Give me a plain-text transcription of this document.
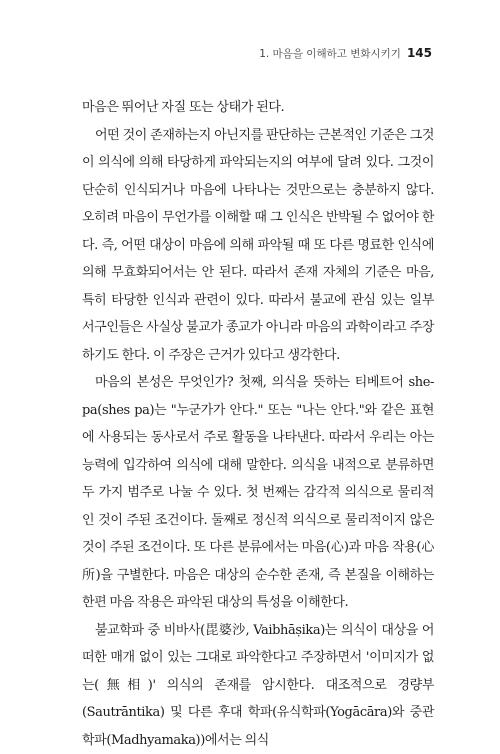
1. 마음을 이해하고 변화시키기 145

마음은 뛰어난 자질 또는 상태가 된다.

어떤 것이 존재하는지 아닌지를 판단하는 근본적인 기준은 그것이 의식에 의해 타당하게 파악되는지의 여부에 달려 있다. 그것이 단순히 인식되거나 마음에 나타나는 것만으로는 충분하지 않다. 오히려 마음이 무언가를 이해할 때 그 인식은 반박될 수 없어야 한다. 즉, 어떤 대상이 마음에 의해 파악될 때 또 다른 명료한 인식에 의해 무효화되어서는 안 된다. 따라서 존재 자체의 기준은 마음, 특히 타당한 인식과 관련이 있다. 따라서 불교에 관심 있는 일부 서구인들은 사실상 불교가 종교가 아니라 마음의 과학이라고 주장하기도 한다. 이 주장은 근거가 있다고 생각한다.

마음의 본성은 무엇인가? 첫째, 의식을 뜻하는 티베트어 she-pa(shes pa)는 "누군가가 안다." 또는 "나는 안다."와 같은 표현에 사용되는 동사로서 주로 활동을 나타낸다. 따라서 우리는 아는 능력에 입각하여 의식에 대해 말한다. 의식을 내적으로 분류하면 두 가지 범주로 나눌 수 있다. 첫 번째는 감각적 의식으로 물리적인 것이 주된 조건이다. 둘째로 정신적 의식으로 물리적이지 않은 것이 주된 조건이다. 또 다른 분류에서는 마음(心)과 마음 작용(心所)을 구별한다. 마음은 대상의 순수한 존재, 즉 본질을 이해하는 한편 마음 작용은 파악된 대상의 특성을 이해한다.

불교학파 중 비바사(毘婆沙, Vaibhāṣika)는 의식이 대상을 어떠한 매개 없이 있는 그대로 파악한다고 주장하면서 '이미지가 없는(無相)' 의식의 존재를 암시한다. 대조적으로 경량부(Sautrāntika) 및 다른 후대 학파(유식학파(Yogācāra)와 중관학파(Madhyamaka))에서는 의식
